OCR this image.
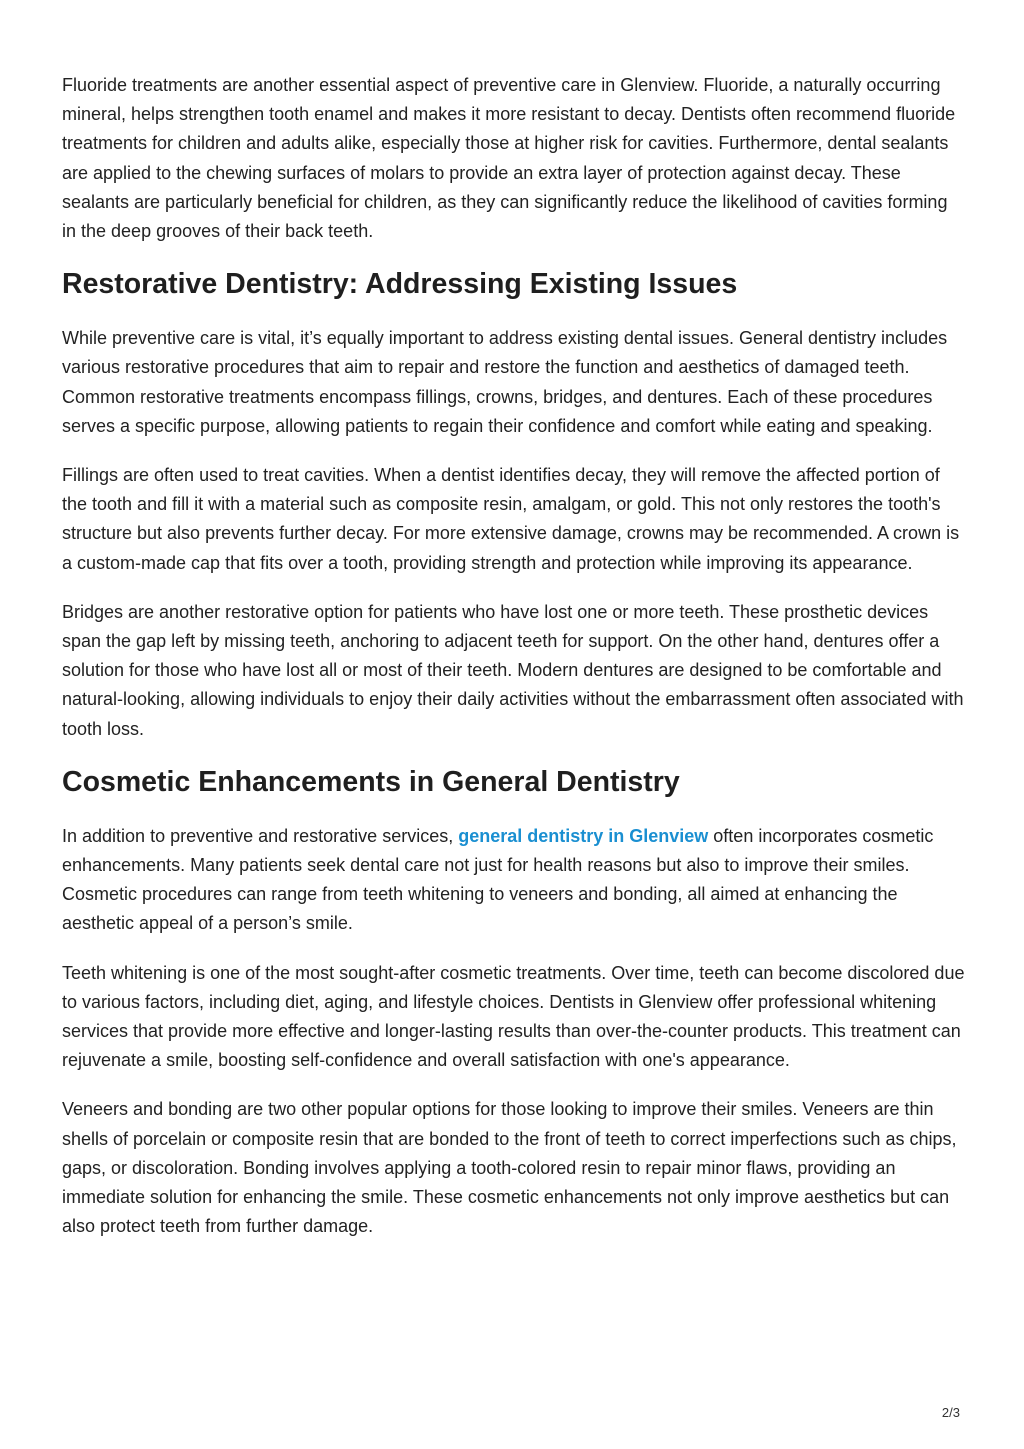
Fluoride treatments are another essential aspect of preventive care in Glenview. Fluoride, a naturally occurring mineral, helps strengthen tooth enamel and makes it more resistant to decay. Dentists often recommend fluoride treatments for children and adults alike, especially those at higher risk for cavities. Furthermore, dental sealants are applied to the chewing surfaces of molars to provide an extra layer of protection against decay. These sealants are particularly beneficial for children, as they can significantly reduce the likelihood of cavities forming in the deep grooves of their back teeth.

Restorative Dentistry: Addressing Existing Issues

While preventive care is vital, it’s equally important to address existing dental issues. General dentistry includes various restorative procedures that aim to repair and restore the function and aesthetics of damaged teeth. Common restorative treatments encompass fillings, crowns, bridges, and dentures. Each of these procedures serves a specific purpose, allowing patients to regain their confidence and comfort while eating and speaking.

Fillings are often used to treat cavities. When a dentist identifies decay, they will remove the affected portion of the tooth and fill it with a material such as composite resin, amalgam, or gold. This not only restores the tooth's structure but also prevents further decay. For more extensive damage, crowns may be recommended. A crown is a custom-made cap that fits over a tooth, providing strength and protection while improving its appearance.

Bridges are another restorative option for patients who have lost one or more teeth. These prosthetic devices span the gap left by missing teeth, anchoring to adjacent teeth for support. On the other hand, dentures offer a solution for those who have lost all or most of their teeth. Modern dentures are designed to be comfortable and natural-looking, allowing individuals to enjoy their daily activities without the embarrassment often associated with tooth loss.

Cosmetic Enhancements in General Dentistry

In addition to preventive and restorative services, general dentistry in Glenview often incorporates cosmetic enhancements. Many patients seek dental care not just for health reasons but also to improve their smiles. Cosmetic procedures can range from teeth whitening to veneers and bonding, all aimed at enhancing the aesthetic appeal of a person’s smile.

Teeth whitening is one of the most sought-after cosmetic treatments. Over time, teeth can become discolored due to various factors, including diet, aging, and lifestyle choices. Dentists in Glenview offer professional whitening services that provide more effective and longer-lasting results than over-the-counter products. This treatment can rejuvenate a smile, boosting self-confidence and overall satisfaction with one's appearance.

Veneers and bonding are two other popular options for those looking to improve their smiles. Veneers are thin shells of porcelain or composite resin that are bonded to the front of teeth to correct imperfections such as chips, gaps, or discoloration. Bonding involves applying a tooth-colored resin to repair minor flaws, providing an immediate solution for enhancing the smile. These cosmetic enhancements not only improve aesthetics but can also protect teeth from further damage.

2/3
